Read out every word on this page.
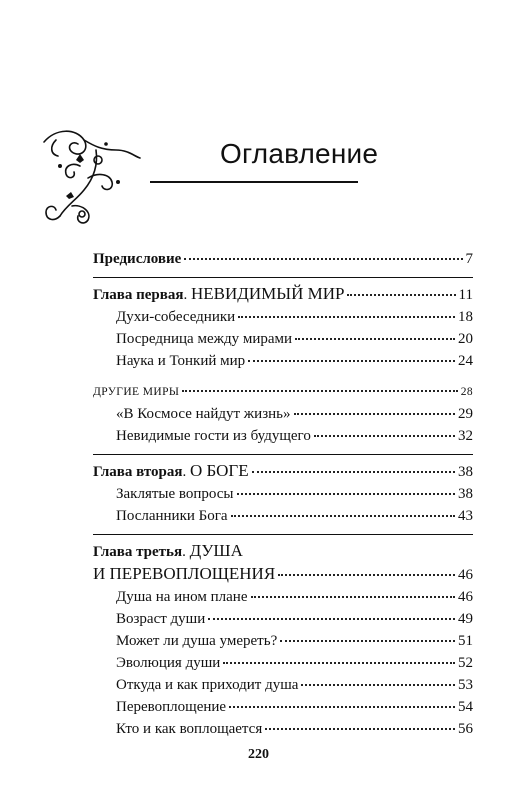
Оглавление
Предисловие	7
Глава первая. НЕВИДИМЫЙ МИР	11
Духи-собеседники	18
Посредница между мирами	20
Наука и Тонкий мир	24
ДРУГИЕ МИРЫ	28
«В Космосе найдут жизнь»	29
Невидимые гости из будущего	32
Глава вторая. О БОГЕ	38
Заклятые вопросы	38
Посланники Бога	43
Глава третья. ДУША
И ПЕРЕВОПЛОЩЕНИЯ	46
Душа на ином плане	46
Возраст души	49
Может ли душа умереть?	51
Эволюция души	52
Откуда и как приходит душа	53
Перевоплощение	54
Кто и как воплощается	56
220
